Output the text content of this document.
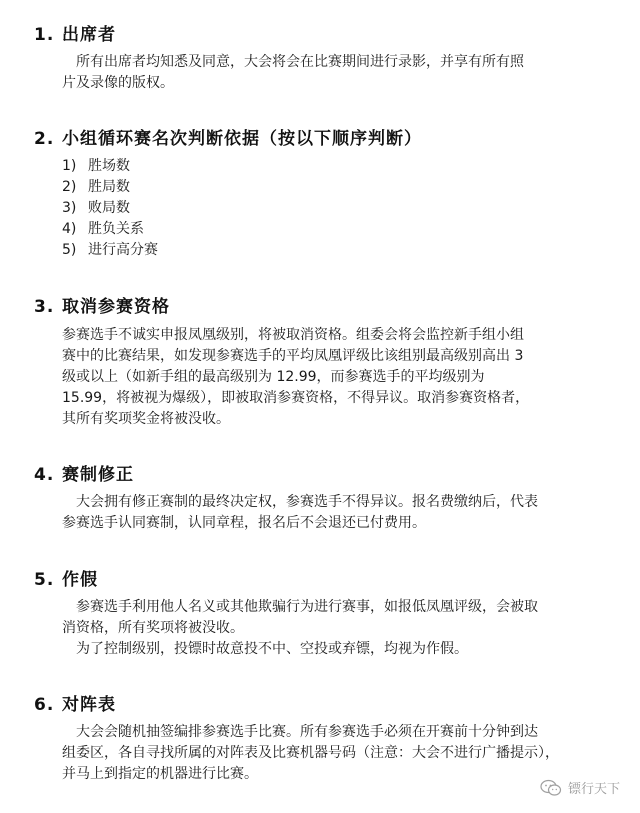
1. 出席者
　所有出席者均知悉及同意，大会将会在比赛期间进行录影，并享有所有照
片及录像的版权。
2. 小组循环赛名次判断依据（按以下顺序判断）
1) 胜场数
2) 胜局数
3) 败局数
4) 胜负关系
5) 进行高分赛
3. 取消参赛资格
参赛选手不诚实申报凤凰级别，将被取消资格。组委会将会监控新手组小组
赛中的比赛结果，如发现参赛选手的平均凤凰评级比该组别最高级别高出 3
级或以上（如新手组的最高级别为 12.99，而参赛选手的平均级别为
15.99，将被视为爆级），即被取消参赛资格，不得异议。取消参赛资格者，
其所有奖项奖金将被没收。
4. 赛制修正
　大会拥有修正赛制的最终决定权，参赛选手不得异议。报名费缴纳后，代表
参赛选手认同赛制，认同章程，报名后不会退还已付费用。
5. 作假
　参赛选手利用他人名义或其他欺骗行为进行赛事，如报低凤凰评级，会被取
消资格，所有奖项将被没收。
　为了控制级别，投镖时故意投不中、空投或弃镖，均视为作假。
6. 对阵表
　大会会随机抽签编排参赛选手比赛。所有参赛选手必须在开赛前十分钟到达
组委区，各自寻找所属的对阵表及比赛机器号码（注意：大会不进行广播提示），
并马上到指定的机器进行比赛。
镖行天下
